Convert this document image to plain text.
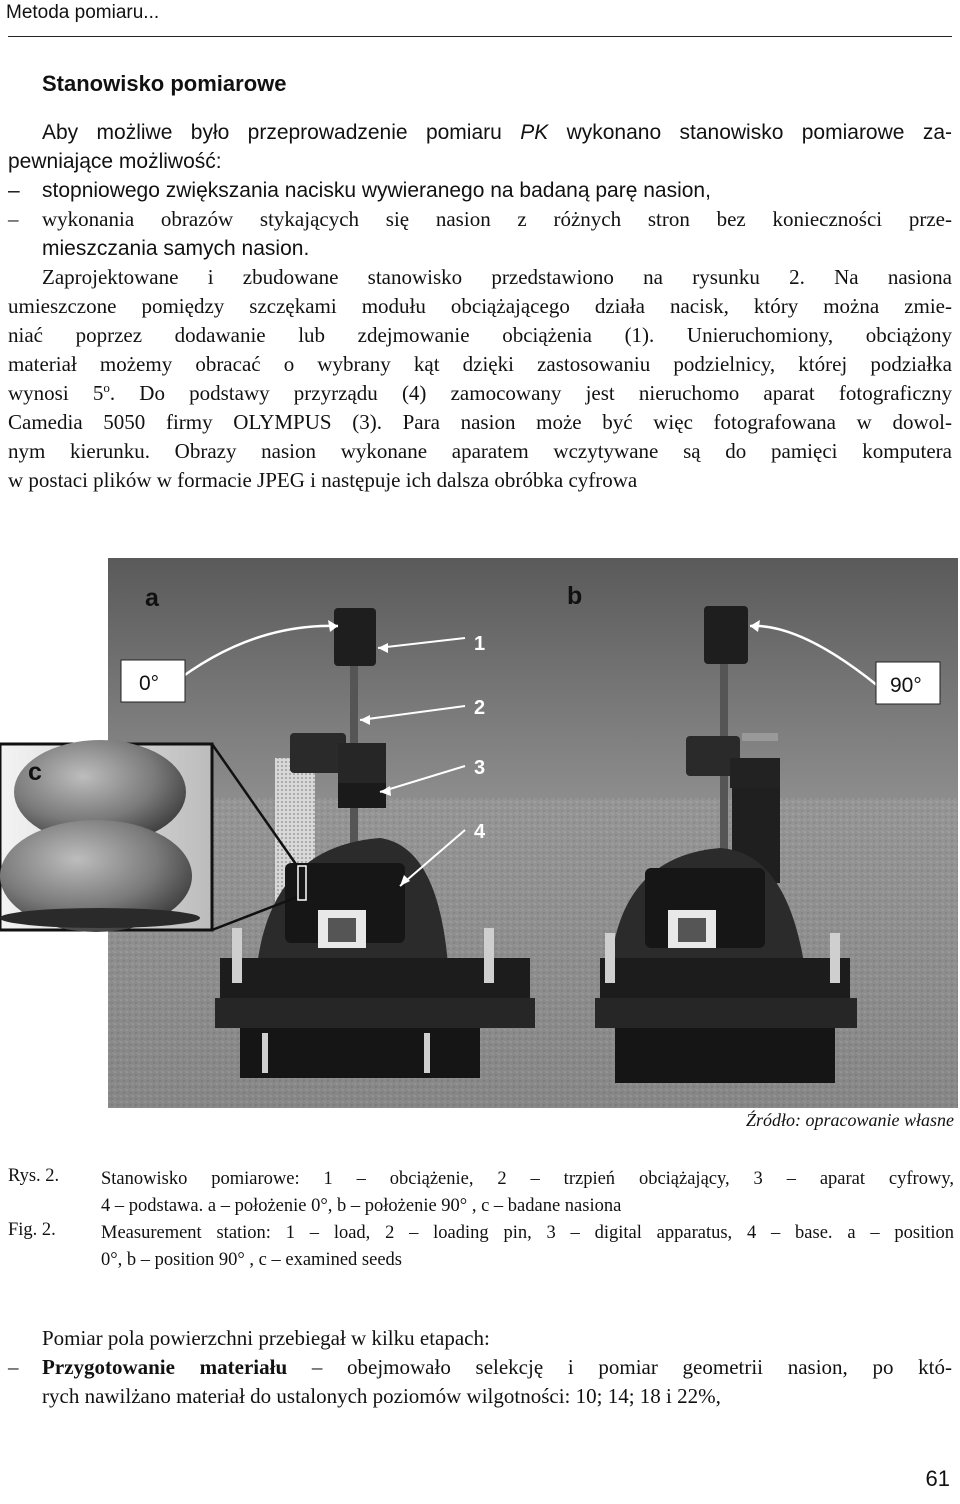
Metoda pomiaru...
Stanowisko pomiarowe
Aby możliwe było przeprowadzenie pomiaru PK wykonano stanowisko pomiarowe za-
pewniające możliwość:
– stopniowego zwiększania nacisku wywieranego na badaną parę nasion,
– wykonania obrazów stykających się nasion z różnych stron bez konieczności prze-
mieszczania samych nasion.
Zaprojektowane i zbudowane stanowisko przedstawiono na rysunku 2. Na nasiona
umieszczone pomiędzy szczękami modułu obciążającego działa nacisk, który można zmie-
niać poprzez dodawanie lub zdejmowanie obciążenia (1). Unieruchomiony, obciążony
materiał możemy obracać o wybrany kąt dzięki zastosowaniu podzielnicy, której podziałka
wynosi 5$^o$. Do podstawy przyrządu (4) zamocowany jest nieruchomo aparat fotograficzny
Camedia 5050 firmy OLYMPUS (3). Para nasion może być więc fotografowana w dowol-
nym kierunku. Obrazy nasion wykonane aparatem wczytywane są do pamięci komputera
w postaci plików w formacie JPEG i następuje ich dalsza obróbka cyfrowa
a	b
c
0°	90°
1
2
3
4
Źródło: opracowanie własne
Rys. 2. Stanowisko pomiarowe: 1 – obciążenie, 2 – trzpień obciążający, 3 – aparat cyfrowy,
4 – podstawa. a – położenie 0°, b – położenie 90° , c – badane nasiona
Fig. 2. Measurement station: 1 – load, 2 – loading pin, 3 – digital apparatus, 4 – base. a – position
0°, b – position 90° , c – examined seeds
Pomiar pola powierzchni przebiegał w kilku etapach:
– Przygotowanie materiału – obejmowało selekcję i pomiar geometrii nasion, po któ-
rych nawilżano materiał do ustalonych poziomów wilgotności: 10; 14; 18 i 22%,
61
